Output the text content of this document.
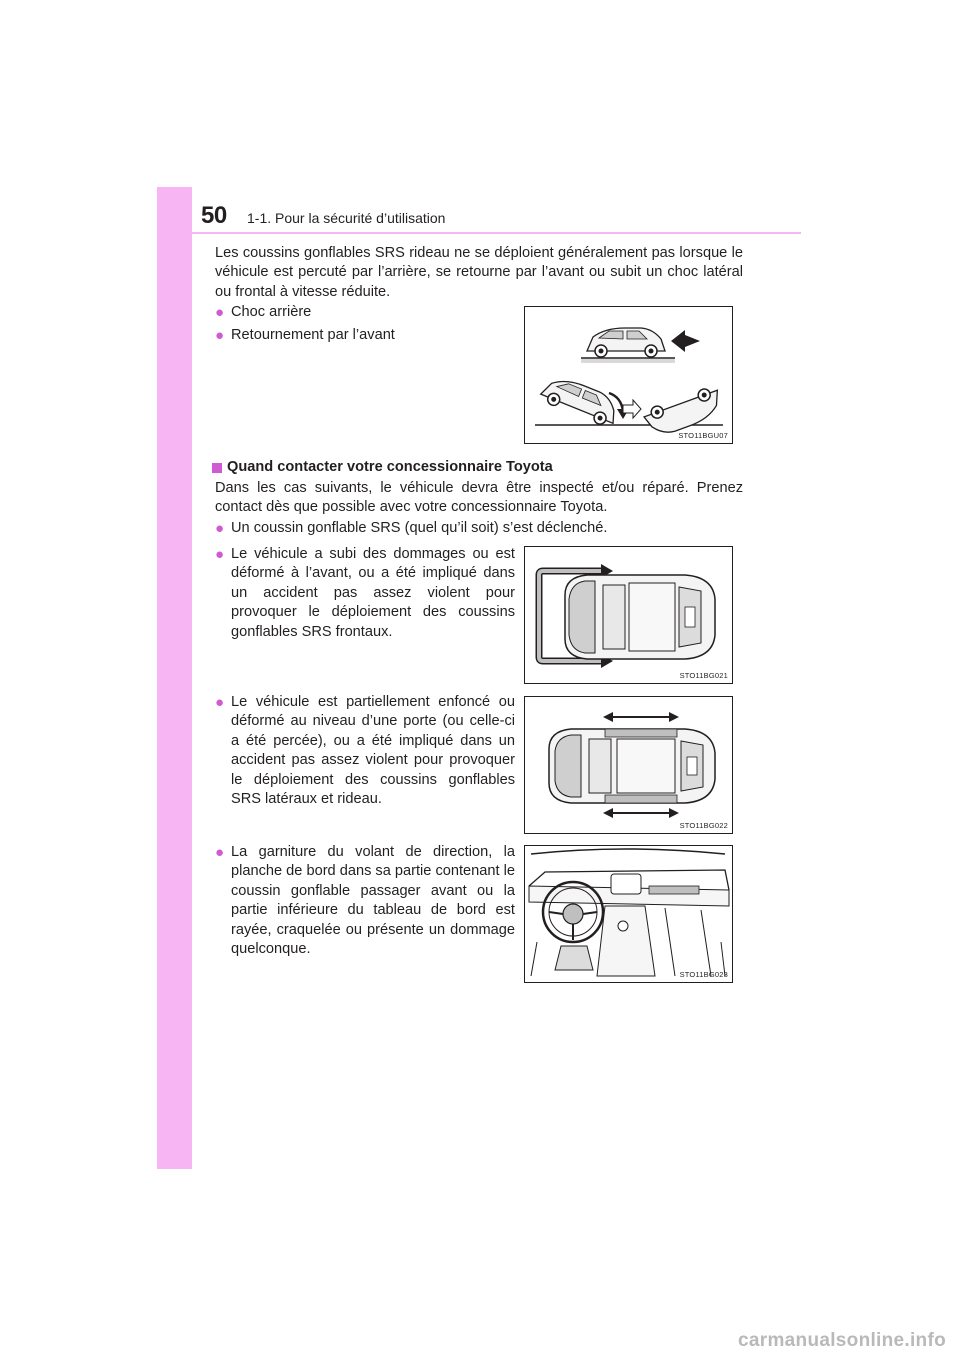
50 1-1. Pour la sécurité d’utilisation
Les coussins gonflables SRS rideau ne se déploient généralement pas lorsque le véhicule est percuté par l’arrière, se retourne par l’avant ou subit un choc latéral ou frontal à vitesse réduite.
● Choc arrière
● Retournement par l’avant
STO11BGU07
Quand contacter votre concessionnaire Toyota
Dans les cas suivants, le véhicule devra être inspecté et/ou réparé. Prenez contact dès que possible avec votre concessionnaire Toyota.
● Un coussin gonflable SRS (quel qu’il soit) s’est déclenché.
● Le véhicule a subi des dommages ou est déformé à l’avant, ou a été impliqué dans un accident pas assez violent pour provoquer le déploiement des coussins gonflables SRS frontaux.
STO11BG021
● Le véhicule est partiellement enfoncé ou déformé au niveau d’une porte (ou celle-ci a été percée), ou a été impliqué dans un accident pas assez violent pour provoquer le déploiement des coussins gonflables SRS latéraux et rideau.
STO11BG022
● La garniture du volant de direction, la planche de bord dans sa partie contenant le coussin gonflable passager avant ou la partie inférieure du tableau de bord est rayée, craquelée ou présente un dommage quelconque.
STO11BG023
carmanualsonline.info
